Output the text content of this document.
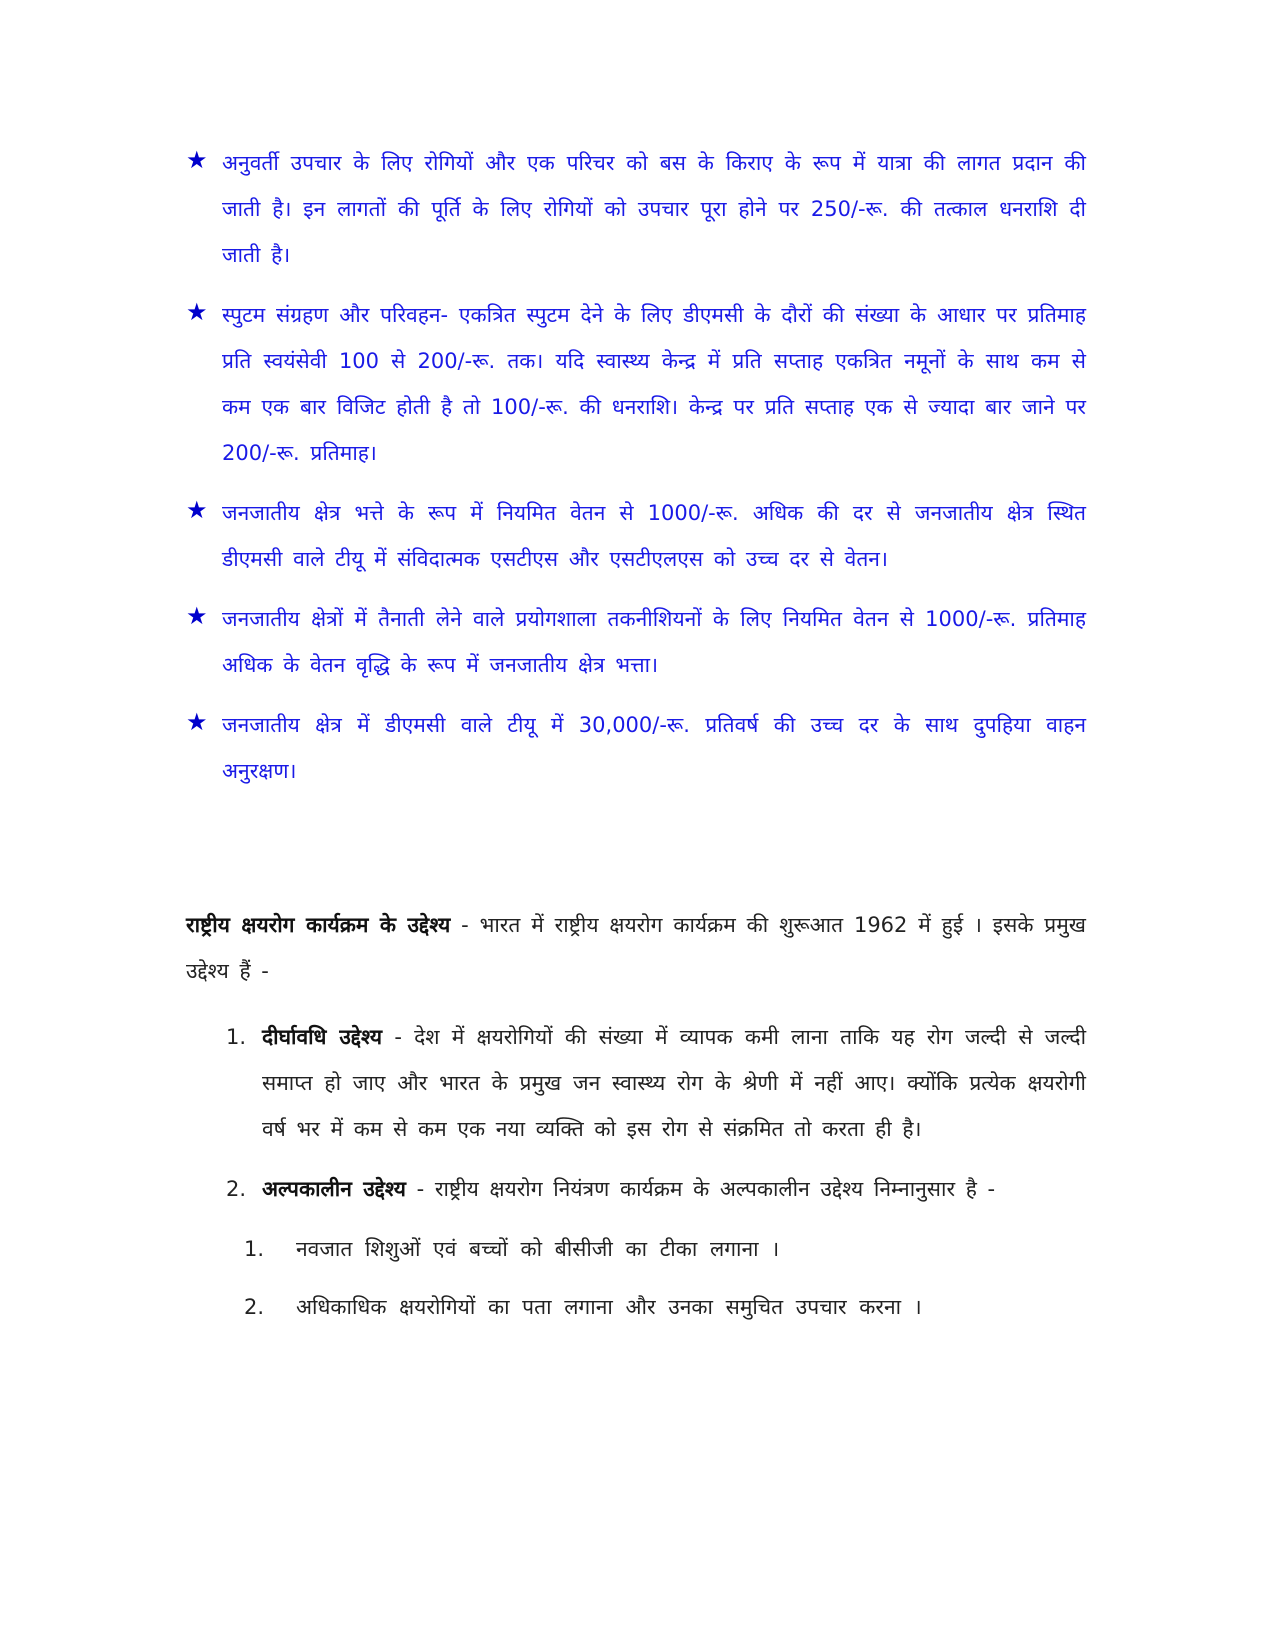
★ अनुवर्ती उपचार के लिए रोगियों और एक परिचर को बस के किराए के रूप में यात्रा की लागत प्रदान की जाती है। इन लागतों की पूर्ति के लिए रोगियों को उपचार पूरा होने पर 250/-रू. की तत्काल धनराशि दी जाती है।
★ स्पुटम संग्रहण और परिवहन- एकत्रित स्पुटम देने के लिए डीएमसी के दौरों की संख्या के आधार पर प्रतिमाह प्रति स्वयंसेवी 100 से 200/-रू. तक। यदि स्वास्थ्य केन्द्र में प्रति सप्ताह एकत्रित नमूनों के साथ कम से कम एक बार विजिट होती है तो 100/-रू. की धनराशि। केन्द्र पर प्रति सप्ताह एक से ज्यादा बार जाने पर 200/-रू. प्रतिमाह।
★ जनजातीय क्षेत्र भत्ते के रूप में नियमित वेतन से 1000/-रू. अधिक की दर से जनजातीय क्षेत्र स्थित डीएमसी वाले टीयू में संविदात्मक एसटीएस और एसटीएलएस को उच्च दर से वेतन।
★ जनजातीय क्षेत्रों में तैनाती लेने वाले प्रयोगशाला तकनीशियनों के लिए नियमित वेतन से 1000/-रू. प्रतिमाह अधिक के वेतन वृद्धि के रूप में जनजातीय क्षेत्र भत्ता।
★ जनजातीय क्षेत्र में डीएमसी वाले टीयू में 30,000/-रू. प्रतिवर्ष की उच्च दर के साथ दुपहिया वाहन अनुरक्षण।
राष्ट्रीय क्षयरोग कार्यक्रम के उद्देश्य - भारत में राष्ट्रीय क्षयरोग कार्यक्रम की शुरूआत 1962 में हुई । इसके प्रमुख उद्देश्य हैं -
1. दीर्घावधि उद्देश्य - देश में क्षयरोगियों की संख्या में व्यापक कमी लाना ताकि यह रोग जल्दी से जल्दी समाप्त हो जाए और भारत के प्रमुख जन स्वास्थ्य रोग के श्रेणी में नहीं आए। क्योंकि प्रत्येक क्षयरोगी वर्ष भर में कम से कम एक नया व्यक्ति को इस रोग से संक्रमित तो करता ही है।
2. अल्पकालीन उद्देश्य - राष्ट्रीय क्षयरोग नियंत्रण कार्यक्रम के अल्पकालीन उद्देश्य निम्नानुसार है -
1. नवजात शिशुओं एवं बच्चों को बीसीजी का टीका लगाना ।
2. अधिकाधिक क्षयरोगियों का पता लगाना और उनका समुचित उपचार करना ।
